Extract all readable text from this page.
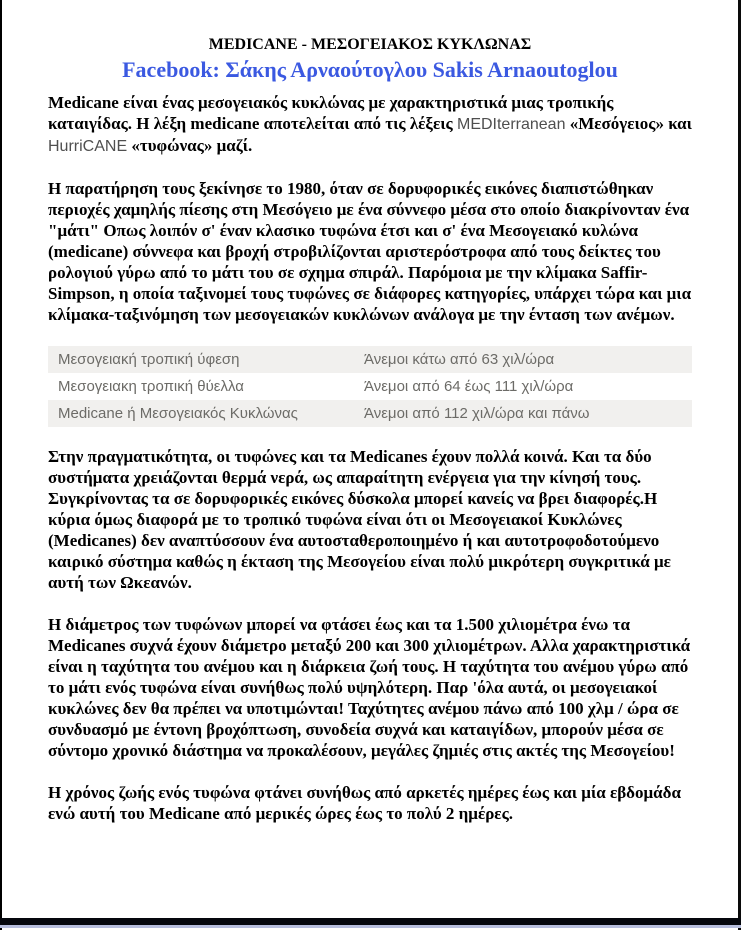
MEDICANE - ΜΕΣΟΓΕΙΑΚΟΣ ΚΥΚΛΩΝΑΣ
Facebook: Σάκης Αρναούτογλου Sakis Arnaoutoglou

Medicane είναι ένας μεσογειακός κυκλώνας με χαρακτηριστικά μιας τροπικής καταιγίδας. Η λέξη medicane αποτελείται από τις λέξεις MEDIterranean «Μεσόγειος» και HurriCANE «τυφώνας» μαζί.

Η παρατήρηση τους ξεκίνησε το 1980, όταν σε δορυφορικές εικόνες διαπιστώθηκαν περιοχές χαμηλής πίεσης στη Μεσόγειο με ένα σύννεφο μέσα στο οποίο διακρίνονταν ένα "μάτι" Οπως λοιπόν σ' έναν κλασικο τυφώνα έτσι και σ' ένα Μεσογειακό κυλώνα (medicane) σύννεφα και βροχή στροβιλίζονται αριστερόστροφα από τους δείκτες του ρολογιού γύρω από το μάτι του σε σχημα σπιράλ. Παρόμοια με την κλίμακα Saffir-Simpson, η οποία ταξινομεί τους τυφώνες σε διάφορες κατηγορίες, υπάρχει τώρα και μια κλίμακα-ταξινόμηση των μεσογειακών κυκλώνων ανάλογα με την ένταση των ανέμων.

Μεσογειακή τροπική ύφεση	Άνεμοι κάτω από 63 χιλ/ώρα
Μεσογειακη τροπική θύελλα	Άνεμοι από 64 έως 111 χιλ/ώρα
Medicane ή Μεσογειακός Κυκλώνας	Άνεμοι από 112 χιλ/ώρα και πάνω

Στην πραγματικότητα, οι τυφώνες και τα Medicanes έχουν πολλά κοινά. Και τα δύο συστήματα χρειάζονται θερμά νερά, ως απαραίτητη ενέργεια για την κίνησή τους. Συγκρίνοντας τα σε δορυφορικές εικόνες δύσκολα μπορεί κανείς να βρει διαφορές.Η κύρια όμως διαφορά με το τροπικό τυφώνα είναι ότι οι Μεσογειακοί Κυκλώνες (Medicanes) δεν αναπτύσσουν ένα αυτοσταθεροποιημένο ή και αυτοτροφοδοτούμενο καιρικό σύστημα καθώς η έκταση της Μεσογείου είναι πολύ μικρότερη συγκριτικά με αυτή των Ωκεανών.

Η διάμετρος των τυφώνων μπορεί να φτάσει έως και τα 1.500 χιλιομέτρα ένω τα Medicanes συχνά έχουν διάμετρο μεταξύ 200 και 300 χιλιομέτρων. Αλλα χαρακτηριστικά είναι η ταχύτητα του ανέμου και η διάρκεια ζωή τους. Η ταχύτητα του ανέμου γύρω από το μάτι ενός τυφώνα είναι συνήθως πολύ υψηλότερη. Παρ 'όλα αυτά, οι μεσογειακοί κυκλώνες δεν θα πρέπει να υποτιμώνται! Ταχύτητες ανέμου πάνω από 100 χλμ / ώρα σε συνδυασμό με έντονη βροχόπτωση, συνοδεία συχνά και καταιγίδων, μπορούν μέσα σε σύντομο χρονικό διάστημα να προκαλέσουν, μεγάλες ζημιές στις ακτές της Μεσογείου!

Η χρόνος ζωής ενός τυφώνα φτάνει συνήθως από αρκετές ημέρες έως και μία εβδομάδα ενώ αυτή του Medicane από μερικές ώρες έως το πολύ 2 ημέρες.
